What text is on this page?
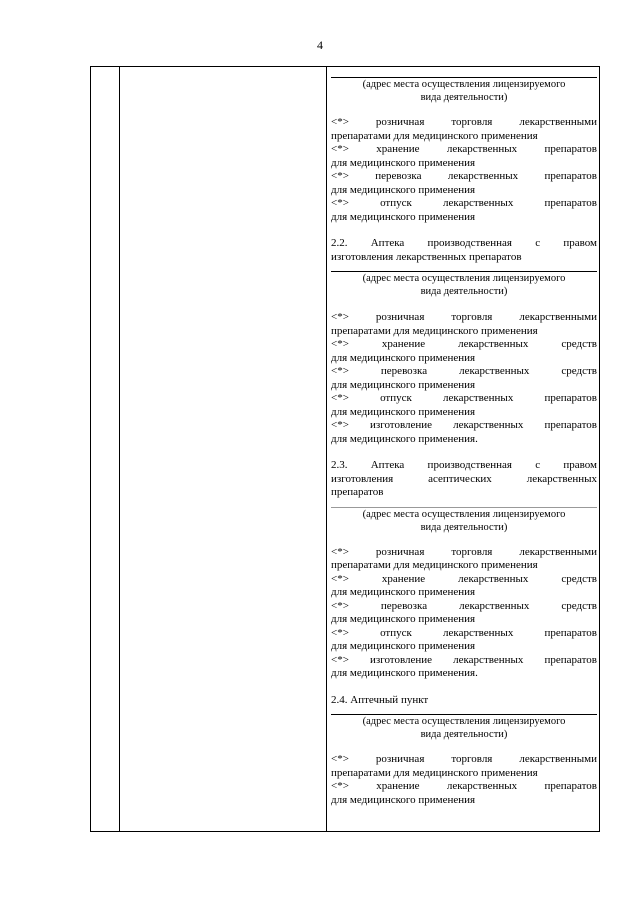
4
(адрес места осуществления лицензируемого
вида деятельности)
<*> розничная торговля лекарственными
препаратами для медицинского применения
<*> хранение лекарственных препаратов
для медицинского применения
<*> перевозка лекарственных препаратов
для медицинского применения
<*> отпуск лекарственных препаратов
для медицинского применения
2.2. Аптека производственная с правом
изготовления лекарственных препаратов
(адрес места осуществления лицензируемого
вида деятельности)
<*> розничная торговля лекарственными
препаратами для медицинского применения
<*> хранение лекарственных средств
для медицинского применения
<*> перевозка лекарственных средств
для медицинского применения
<*> отпуск лекарственных препаратов
для медицинского применения
<*> изготовление лекарственных препаратов
для медицинского применения.
2.3. Аптека производственная с правом
изготовления асептических лекарственных
препаратов
(адрес места осуществления лицензируемого
вида деятельности)
<*> розничная торговля лекарственными
препаратами для медицинского применения
<*> хранение лекарственных средств
для медицинского применения
<*> перевозка лекарственных средств
для медицинского применения
<*> отпуск лекарственных препаратов
для медицинского применения
<*> изготовление лекарственных препаратов
для медицинского применения.
2.4. Аптечный пункт
(адрес места осуществления лицензируемого
вида деятельности)
<*> розничная торговля лекарственными
препаратами для медицинского применения
<*> хранение лекарственных препаратов
для медицинского применения
